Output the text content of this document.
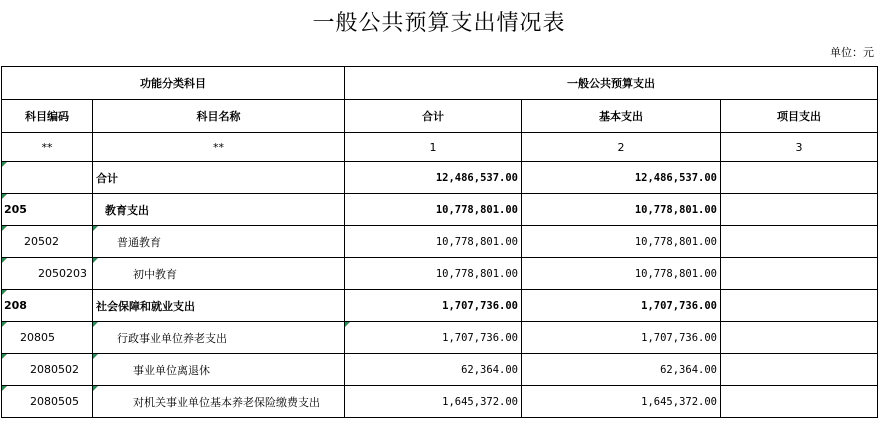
一般公共预算支出情况表
单位：元
功能分类科目		一般公共预算支出		
科目编码	科目名称	合计	基本支出	项目支出
**	**	1	2	3
	合计	12,486,537.00	12,486,537.00	
205	教育支出	10,778,801.00	10,778,801.00	
20502	普通教育	10,778,801.00	10,778,801.00	
2050203	初中教育	10,778,801.00	10,778,801.00	
208	社会保障和就业支出	1,707,736.00	1,707,736.00	
20805	行政事业单位养老支出	1,707,736.00	1,707,736.00	
2080502	事业单位离退休	62,364.00	62,364.00	
2080505	对机关事业单位基本养老保险缴费支出	1,645,372.00	1,645,372.00	
